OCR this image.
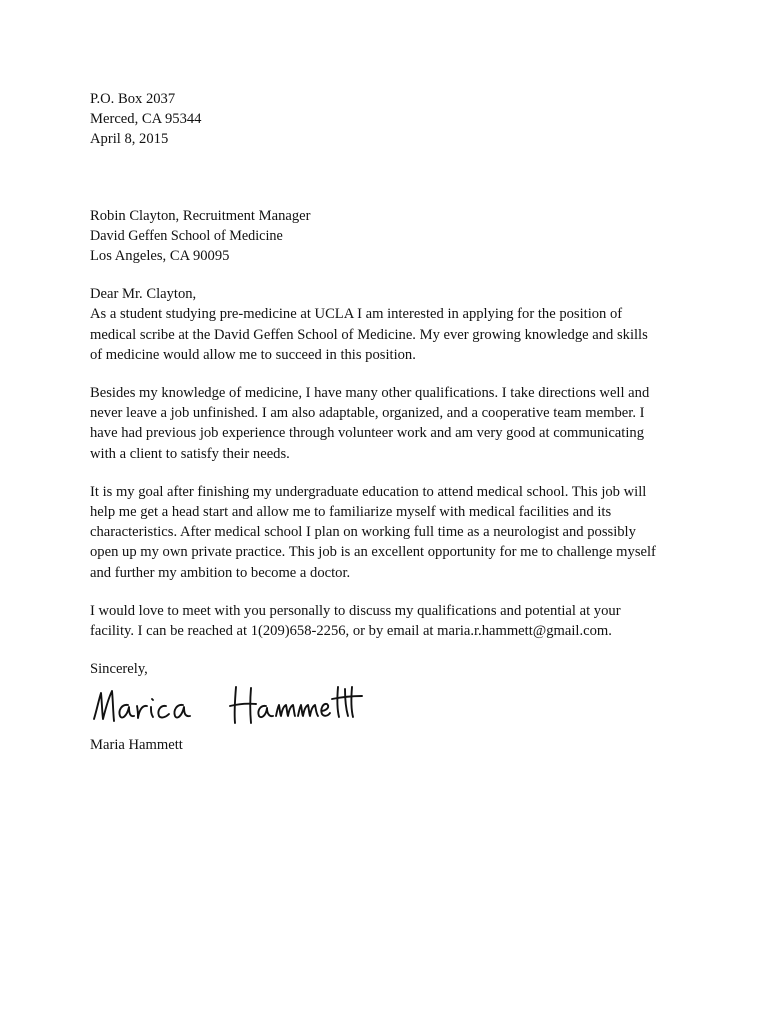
P.O. Box 2037
Merced, CA 95344
April 8, 2015
Robin Clayton, Recruitment Manager
David Geffen School of Medicine
Los Angeles, CA 90095

Dear Mr. Clayton,

As a student studying pre-medicine at UCLA I am interested in applying for the position of
medical scribe at the David Geffen School of Medicine. My ever growing knowledge and skills
of medicine would allow me to succeed in this position.
Besides my knowledge of medicine, I have many other qualifications. I take directions well and
never leave a job unfinished. I am also adaptable, organized, and a cooperative team member. I
have had previous job experience through volunteer work and am very good at communicating
with a client to satisfy their needs.
It is my goal after finishing my undergraduate education to attend medical school. This job will
help me get a head start and allow me to familiarize myself with medical facilities and its
characteristics. After medical school I plan on working full time as a neurologist and possibly
open up my own private practice. This job is an excellent opportunity for me to challenge myself
and further my ambition to become a doctor.
I would love to meet with you personally to discuss my qualifications and potential at your
facility. I can be reached at 1(209)658-2256, or by email at maria.r.hammett@gmail.com.

Sincerely,

Maria Hammett
